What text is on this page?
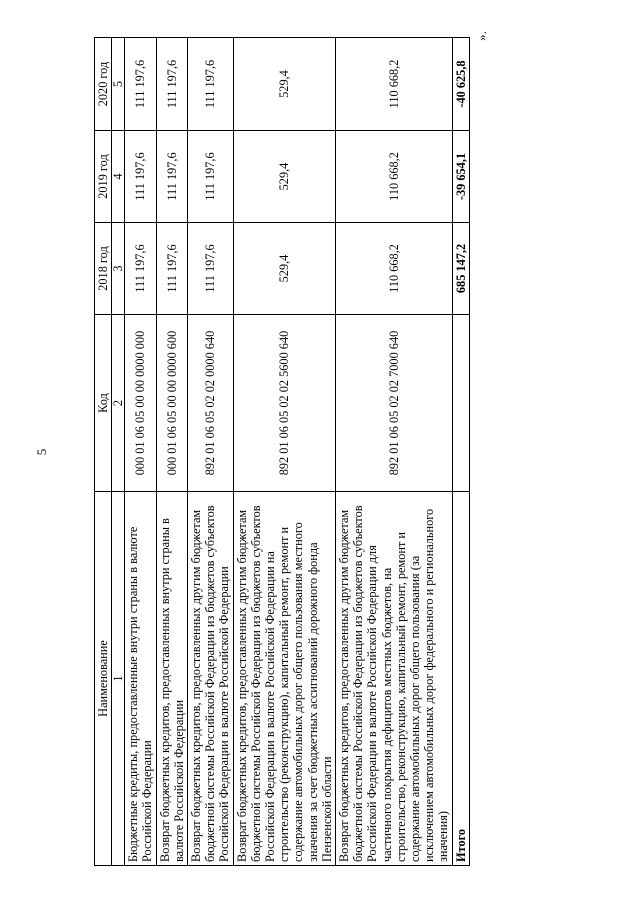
5
Наименование	Код	2018 год	2019 год	2020 год
1	2	3	4	5
Бюджетные кредиты, предоставленные внутри страны в валюте Российской Федерации	000 01 06 05 00 00 0000 000	111 197,6	111 197,6	111 197,6
Возврат бюджетных кредитов, предоставленных внутри страны в валюте Российской Федерации	000 01 06 05 00 00 0000 600	111 197,6	111 197,6	111 197,6
Возврат бюджетных кредитов, предоставленных другим бюджетам бюджетной системы Российской Федерации из бюджетов субъектов Российской Федерации в валюте Российской Федерации	892 01 06 05 02 02 0000 640	111 197,6	111 197,6	111 197,6
Возврат бюджетных кредитов, предоставленных другим бюджетам бюджетной системы Российской Федерации из бюджетов субъектов Российской Федерации в валюте Российской Федерации на строительство (реконструкцию), капитальный ремонт, ремонт и содержание автомобильных дорог общего пользования местного значения за счет бюджетных ассигнований дорожного фонда Пензенской области	892 01 06 05 02 02 5600 640	529,4	529,4	529,4
Возврат бюджетных кредитов, предоставленных другим бюджетам бюджетной системы Российской Федерации из бюджетов субъектов Российской Федерации в валюте Российской Федерации для частичного покрытия дефицитов местных бюджетов, на строительство, реконструкцию, капитальный ремонт, ремонт и содержание автомобильных дорог общего пользования (за исключением автомобильных дорог федерального и регионального значения)	892 01 06 05 02 02 7000 640	110 668,2	110 668,2	110 668,2
Итого		685 147,2	-39 654,1	-40 625,8
».
